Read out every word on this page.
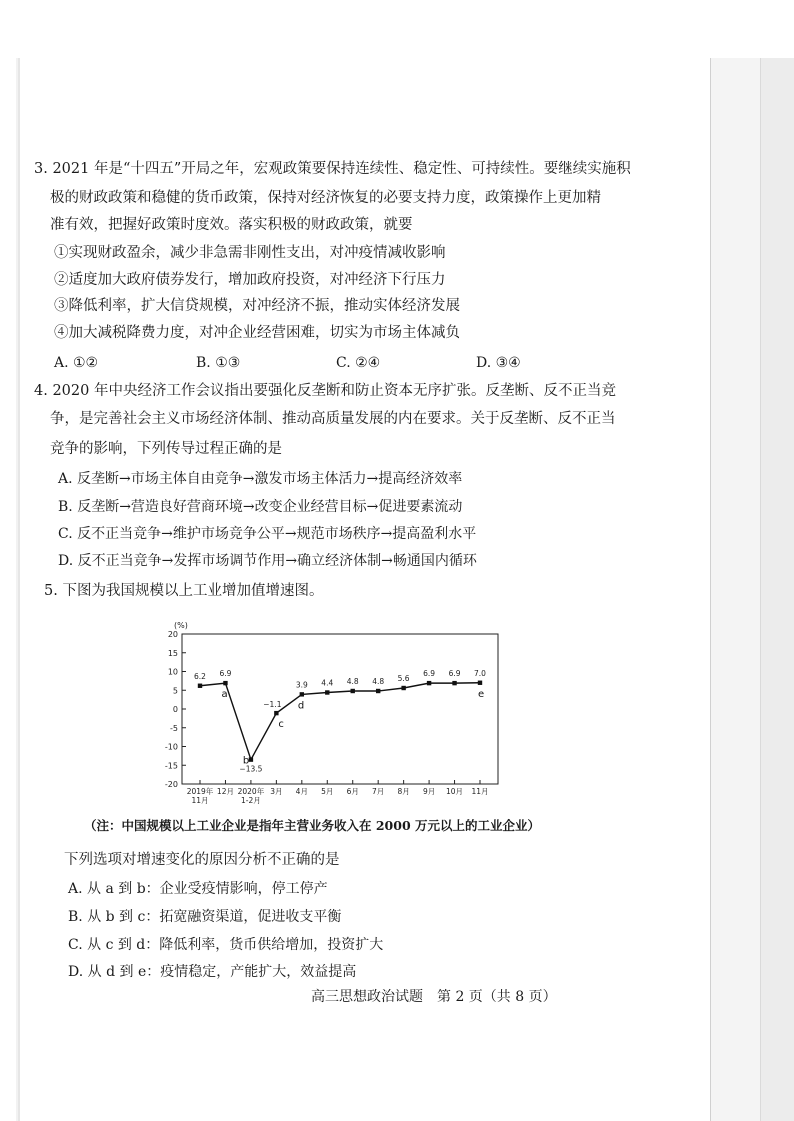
3. 2021 年是“十四五”开局之年，宏观政策要保持连续性、稳定性、可持续性。要继续实施积
极的财政政策和稳健的货币政策，保持对经济恢复的必要支持力度，政策操作上更加精
准有效，把握好政策时度效。落实积极的财政政策，就要
①实现财政盈余，减少非急需非刚性支出，对冲疫情减收影响
②适度加大政府债券发行，增加政府投资，对冲经济下行压力
③降低利率，扩大信贷规模，对冲经济不振，推动实体经济发展
④加大减税降费力度，对冲企业经营困难，切实为市场主体减负
A. ①②	B. ①③	C. ②④	D. ③④
4. 2020 年中央经济工作会议指出要强化反垄断和防止资本无序扩张。反垄断、反不正当竞
争，是完善社会主义市场经济体制、推动高质量发展的内在要求。关于反垄断、反不正当
竞争的影响，下列传导过程正确的是
A. 反垄断→市场主体自由竞争→激发市场主体活力→提高经济效率
B. 反垄断→营造良好营商环境→改变企业经营目标→促进要素流动
C. 反不正当竞争→维护市场竞争公平→规范市场秩序→提高盈利水平
D. 反不正当竞争→发挥市场调节作用→确立经济体制→畅通国内循环
5. 下图为我国规模以上工业增加值增速图。
(%)
20
15
10
5
0
-5
-10
-15
-20
2019年
11月
12月 2020年
1-2月
3月 4月 5月 6月 7月 8月 9月 10月 11月
6.2 6.9
−13.5
−1.1
3.9 4.4 4.8 4.8 5.6
6.9 6.9 7.0
a
b
c
d
e
（注：中国规模以上工业企业是指年主营业务收入在 2000 万元以上的工业企业）
下列选项对增速变化的原因分析不正确的是
A. 从 a 到 b：企业受疫情影响，停工停产
B. 从 b 到 c：拓宽融资渠道，促进收支平衡
C. 从 c 到 d：降低利率，货币供给增加，投资扩大
D. 从 d 到 e：疫情稳定，产能扩大，效益提高
高三思想政治试题　第 2 页（共 8 页）
